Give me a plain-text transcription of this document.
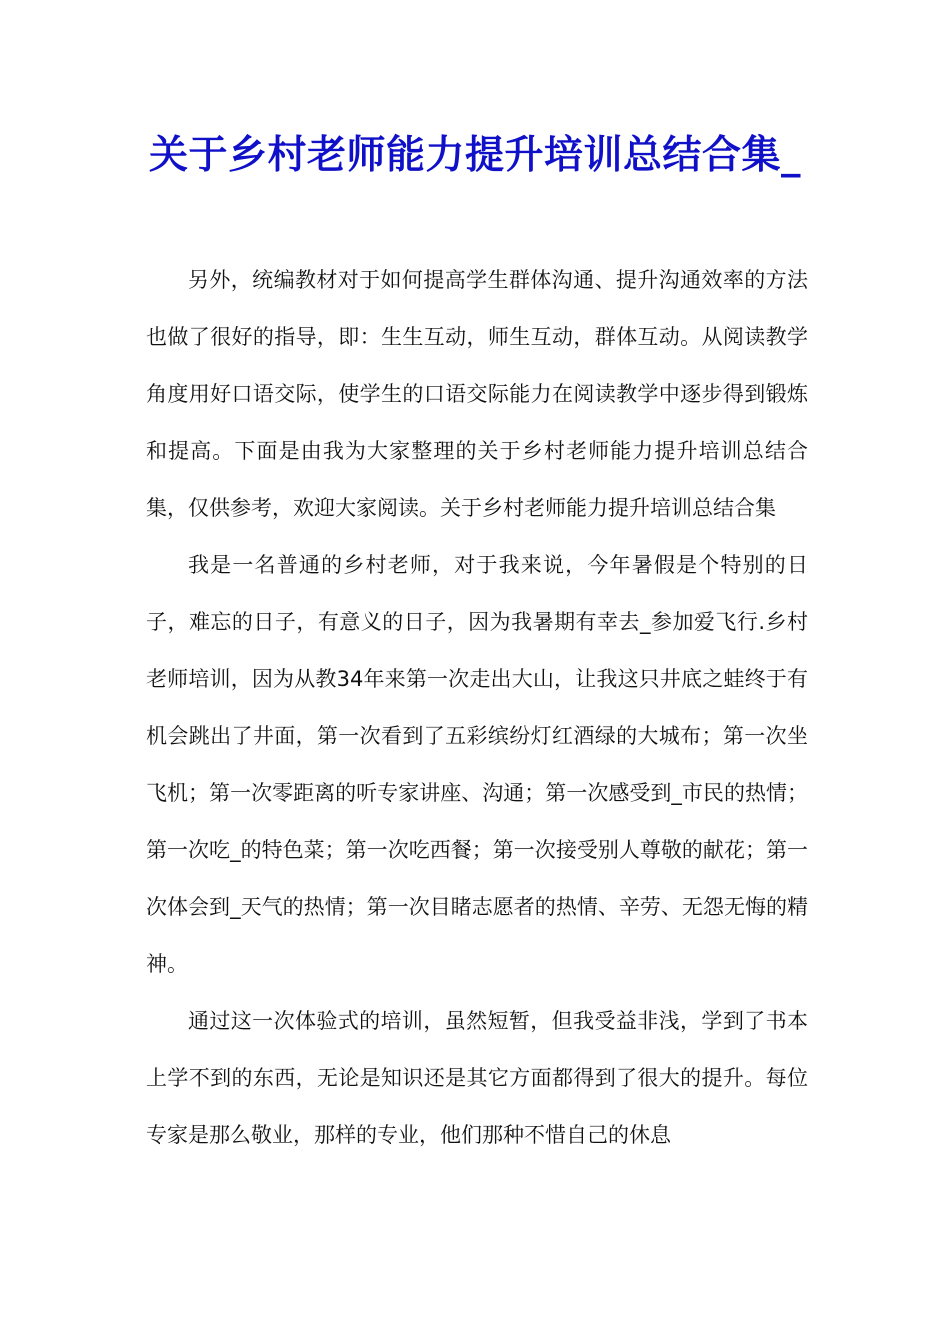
关于乡村老师能力提升培训总结合集_

另外，统编教材对于如何提高学生群体沟通、提升沟通效率的方法也做了很好的指导，即：生生互动，师生互动，群体互动。从阅读教学角度用好口语交际，使学生的口语交际能力在阅读教学中逐步得到锻炼和提高。下面是由我为大家整理的关于乡村老师能力提升培训总结合集，仅供参考，欢迎大家阅读。关于乡村老师能力提升培训总结合集

我是一名普通的乡村老师，对于我来说，今年暑假是个特别的日子，难忘的日子，有意义的日子，因为我暑期有幸去_参加爱飞行.乡村老师培训，因为从教34年来第一次走出大山，让我这只井底之蛙终于有机会跳出了井面，第一次看到了五彩缤纷灯红酒绿的大城布；第一次坐飞机；第一次零距离的听专家讲座、沟通；第一次感受到_市民的热情；第一次吃_的特色菜；第一次吃西餐；第一次接受别人尊敬的献花；第一次体会到_天气的热情；第一次目睹志愿者的热情、辛劳、无怨无悔的精神。

通过这一次体验式的培训，虽然短暂，但我受益非浅，学到了书本上学不到的东西，无论是知识还是其它方面都得到了很大的提升。每位专家是那么敬业，那样的专业，他们那种不惜自己的休息
